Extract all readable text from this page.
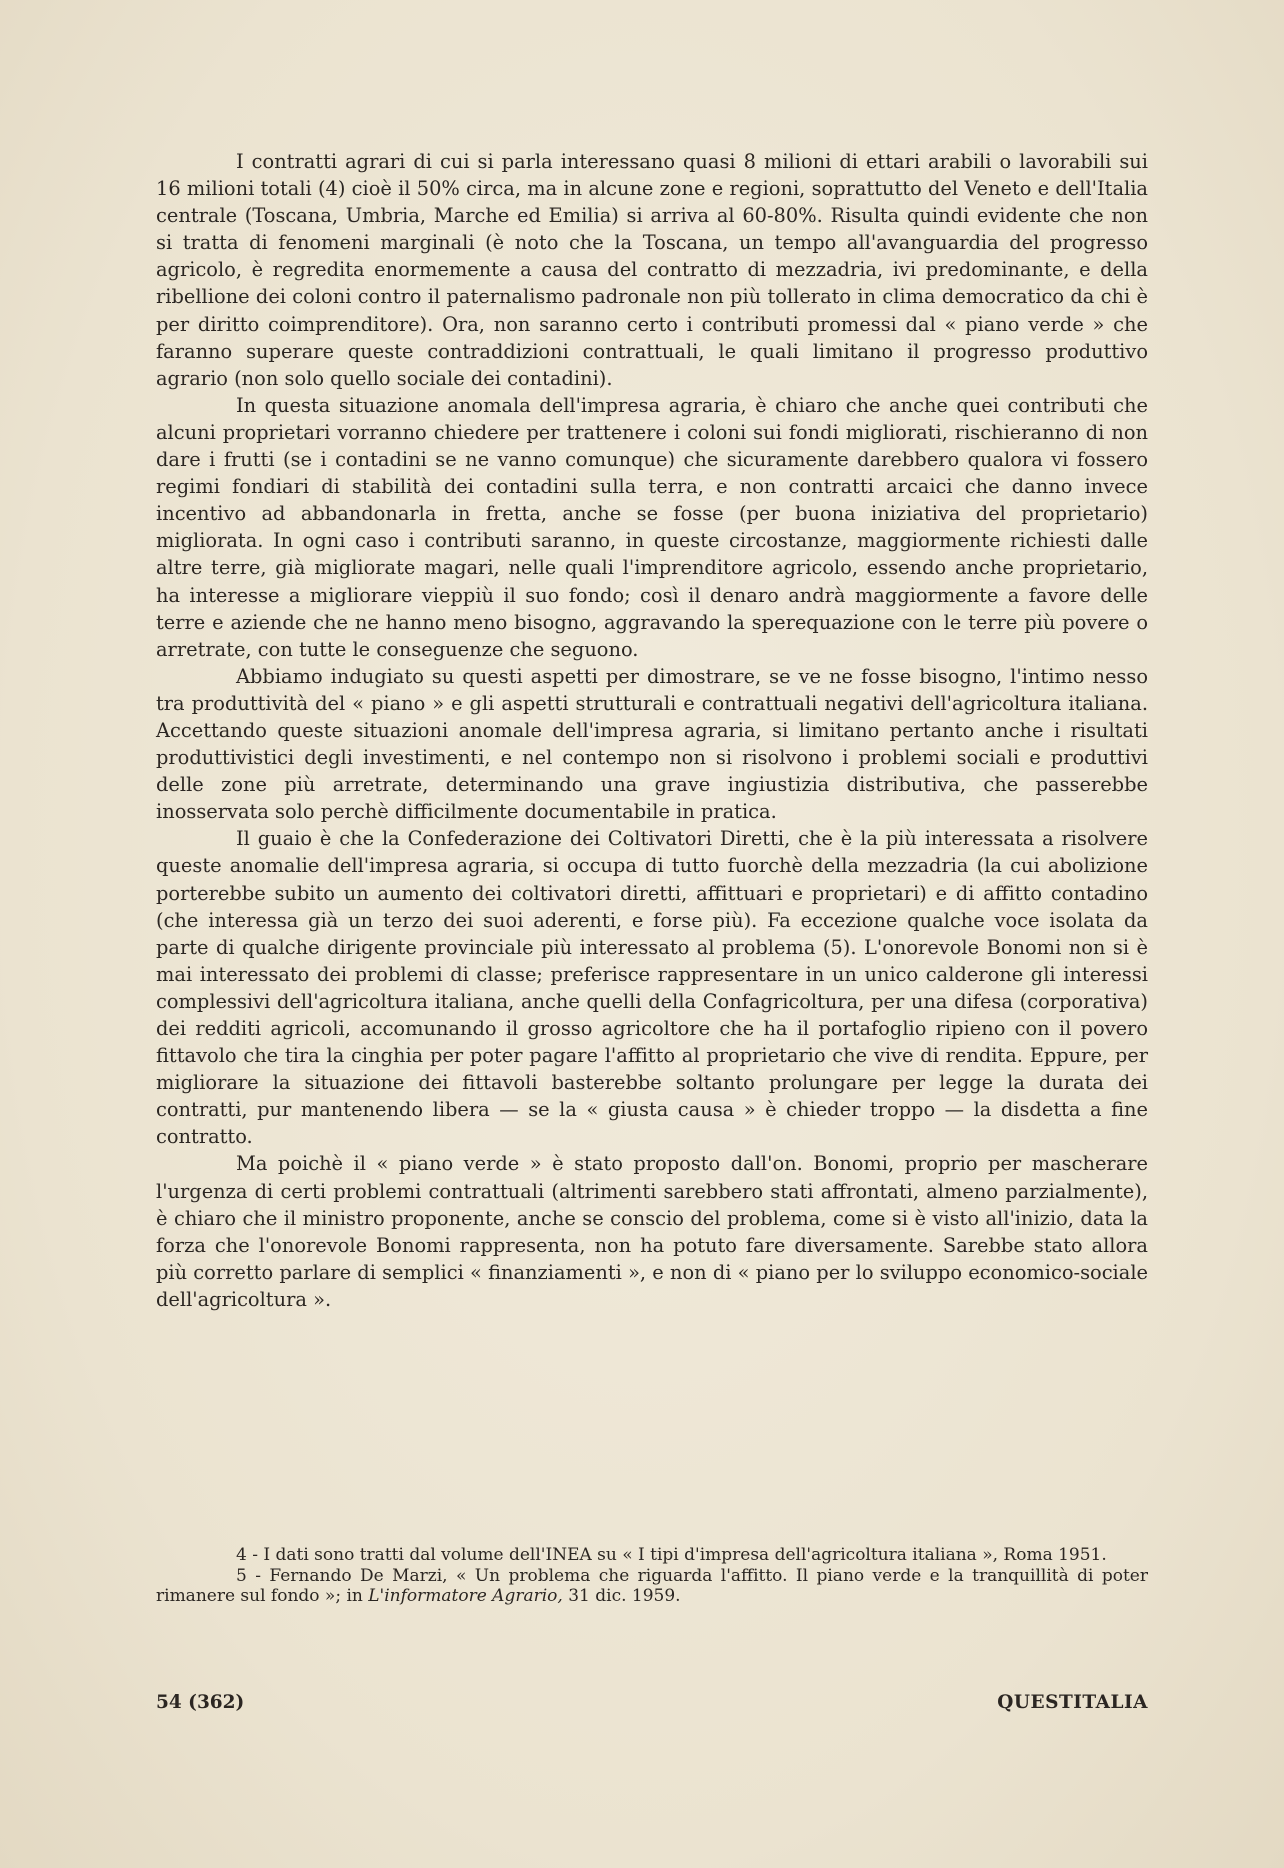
I contratti agrari di cui si parla interessano quasi 8 milioni di ettari arabili o lavorabili sui 16 milioni totali (4) cioè il 50% circa, ma in alcune zone e regioni, soprattutto del Veneto e dell'Italia centrale (Toscana, Umbria, Marche ed Emilia) si arriva al 60-80%. Risulta quindi evidente che non si tratta di fenomeni marginali (è noto che la Toscana, un tempo all'avanguardia del progresso agricolo, è regredita enormemente a causa del contratto di mezzadria, ivi predominante, e della ribellione dei coloni contro il paternalismo padronale non più tollerato in clima democratico da chi è per diritto coimprenditore). Ora, non saranno certo i contributi promessi dal « piano verde » che faranno superare queste contraddizioni contrattuali, le quali limitano il progresso produttivo agrario (non solo quello sociale dei contadini).

In questa situazione anomala dell'impresa agraria, è chiaro che anche quei contributi che alcuni proprietari vorranno chiedere per trattenere i coloni sui fondi migliorati, rischieranno di non dare i frutti (se i contadini se ne vanno comunque) che sicuramente darebbero qualora vi fossero regimi fondiari di stabilità dei contadini sulla terra, e non contratti arcaici che danno invece incentivo ad abbandonarla in fretta, anche se fosse (per buona iniziativa del proprietario) migliorata. In ogni caso i contributi saranno, in queste circostanze, maggiormente richiesti dalle altre terre, già migliorate magari, nelle quali l'imprenditore agricolo, essendo anche proprietario, ha interesse a migliorare vieppiù il suo fondo; così il denaro andrà maggiormente a favore delle terre e aziende che ne hanno meno bisogno, aggravando la sperequazione con le terre più povere o arretrate, con tutte le conseguenze che seguono.

Abbiamo indugiato su questi aspetti per dimostrare, se ve ne fosse bisogno, l'intimo nesso tra produttività del « piano » e gli aspetti strutturali e contrattuali negativi dell'agricoltura italiana. Accettando queste situazioni anomale dell'impresa agraria, si limitano pertanto anche i risultati produttivistici degli investimenti, e nel contempo non si risolvono i problemi sociali e produttivi delle zone più arretrate, determinando una grave ingiustizia distributiva, che passerebbe inosservata solo perchè difficilmente documentabile in pratica.

Il guaio è che la Confederazione dei Coltivatori Diretti, che è la più interessata a risolvere queste anomalie dell'impresa agraria, si occupa di tutto fuorchè della mezzadria (la cui abolizione porterebbe subito un aumento dei coltivatori diretti, affittuari e proprietari) e di affitto contadino (che interessa già un terzo dei suoi aderenti, e forse più). Fa eccezione qualche voce isolata da parte di qualche dirigente provinciale più interessato al problema (5). L'onorevole Bonomi non si è mai interessato dei problemi di classe; preferisce rappresentare in un unico calderone gli interessi complessivi dell'agricoltura italiana, anche quelli della Confagricoltura, per una difesa (corporativa) dei redditi agricoli, accomunando il grosso agricoltore che ha il portafoglio ripieno con il povero fittavolo che tira la cinghia per poter pagare l'affitto al proprietario che vive di rendita. Eppure, per migliorare la situazione dei fittavoli basterebbe soltanto prolungare per legge la durata dei contratti, pur mantenendo libera — se la « giusta causa » è chieder troppo — la disdetta a fine contratto.

Ma poichè il « piano verde » è stato proposto dall'on. Bonomi, proprio per mascherare l'urgenza di certi problemi contrattuali (altrimenti sarebbero stati affrontati, almeno parzialmente), è chiaro che il ministro proponente, anche se conscio del problema, come si è visto all'inizio, data la forza che l'onorevole Bonomi rappresenta, non ha potuto fare diversamente. Sarebbe stato allora più corretto parlare di semplici « finanziamenti », e non di « piano per lo sviluppo economico-sociale dell'agricoltura ».

4 - I dati sono tratti dal volume dell'INEA su « I tipi d'impresa dell'agricoltura italiana », Roma 1951.

5 - Fernando De Marzi, « Un problema che riguarda l'affitto. Il piano verde e la tranquillità di poter rimanere sul fondo »; in L'informatore Agrario, 31 dic. 1959.

54 (362)	QUESTITALIA
